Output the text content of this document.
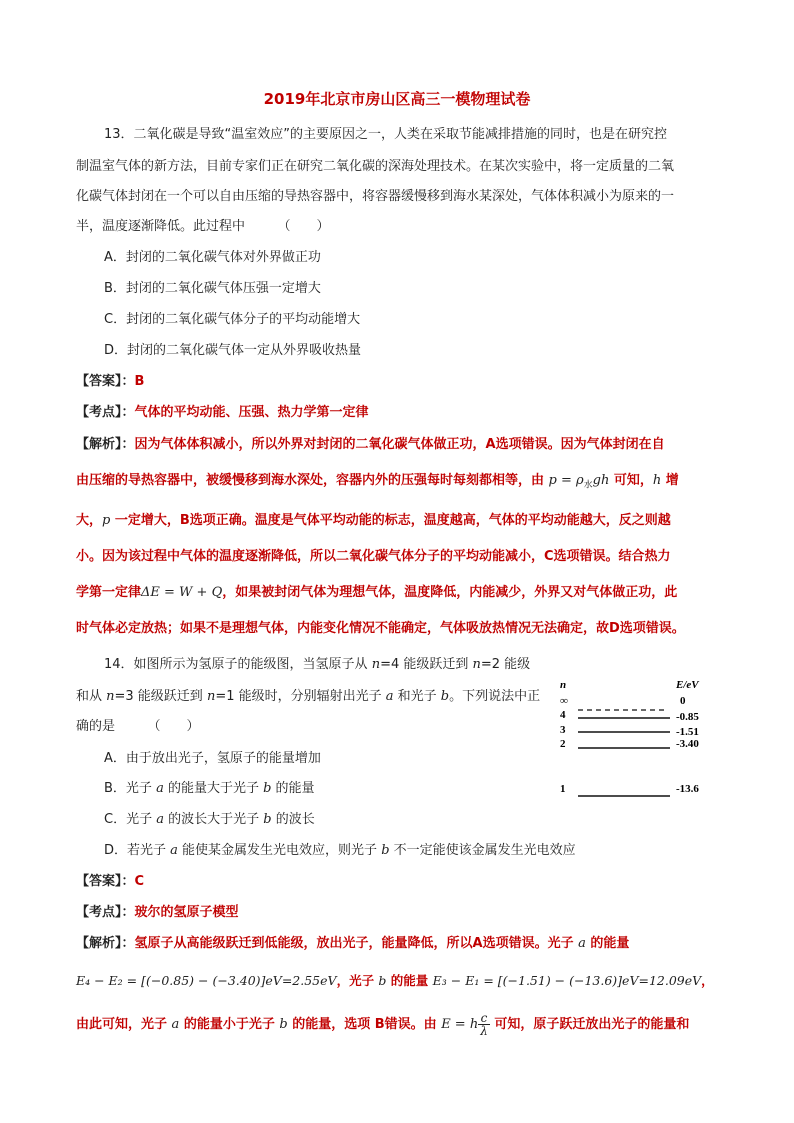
2019年北京市房山区高三一模物理试卷
13．二氧化碳是导致“温室效应”的主要原因之一，人类在采取节能减排措施的同时，也是在研究控
制温室气体的新方法，目前专家们正在研究二氧化碳的深海处理技术。在某次实验中，将一定质量的二氧
化碳气体封闭在一个可以自由压缩的导热容器中，将容器缓慢移到海水某深处，气体体积减小为原来的一
半，温度逐渐降低。此过程中　　　（　　）
A．封闭的二氧化碳气体对外界做正功
B．封闭的二氧化碳气体压强一定增大
C．封闭的二氧化碳气体分子的平均动能增大
D．封闭的二氧化碳气体一定从外界吸收热量
【答案】：B
【考点】：气体的平均动能、压强、热力学第一定律
【解析】：因为气体体积减小，所以外界对封闭的二氧化碳气体做正功，A选项错误。因为气体封闭在自
由压缩的导热容器中，被缓慢移到海水深处，容器内外的压强每时每刻都相等，由 $p = \rho_水gh$ 可知，h 增
大，p 一定增大，B选项正确。温度是气体平均动能的标志，温度越高，气体的平均动能越大，反之则越
小。因为该过程中气体的温度逐渐降低，所以二氧化碳气体分子的平均动能减小，C选项错误。结合热力
学第一定律ΔE = W + Q，如果被封闭气体为理想气体，温度降低，内能减少，外界又对气体做正功，此
时气体必定放热；如果不是理想气体，内能变化情况不能确定，气体吸放热情况无法确定，故D选项错误。
14．如图所示为氢原子的能级图，当氢原子从 n=4 能级跃迁到 n=2 能级
和从 n=3 能级跃迁到 n=1 能级时，分别辐射出光子 a 和光子 b。下列说法中正
确的是　　　（　　）
A．由于放出光子，氢原子的能量增加
B．光子 a 的能量大于光子 b 的能量
C．光子 a 的波长大于光子 b 的波长
D．若光子 a 能使某金属发生光电效应，则光子 b 不一定能使该金属发生光电效应
【答案】：C
【考点】：玻尔的氢原子模型
【解析】：氢原子从高能级跃迁到低能级，放出光子，能量降低，所以A选项错误。光子 a 的能量
E₄ − E₂ = [(−0.85) − (−3.40)]eV=2.55eV，光子 b 的能量 E₃ − E₁ = [(−1.51) − (−13.6)]eV=12.09eV，
由此可知，光子 a 的能量小于光子 b 的能量，选项 B错误。由 E = h $\frac{c}{\lambda}$ 可知，原子跃迁放出光子的能量和
n	E/eV
∞	0
4	-0.85
3	-1.51
2	-3.40
1	-13.6
